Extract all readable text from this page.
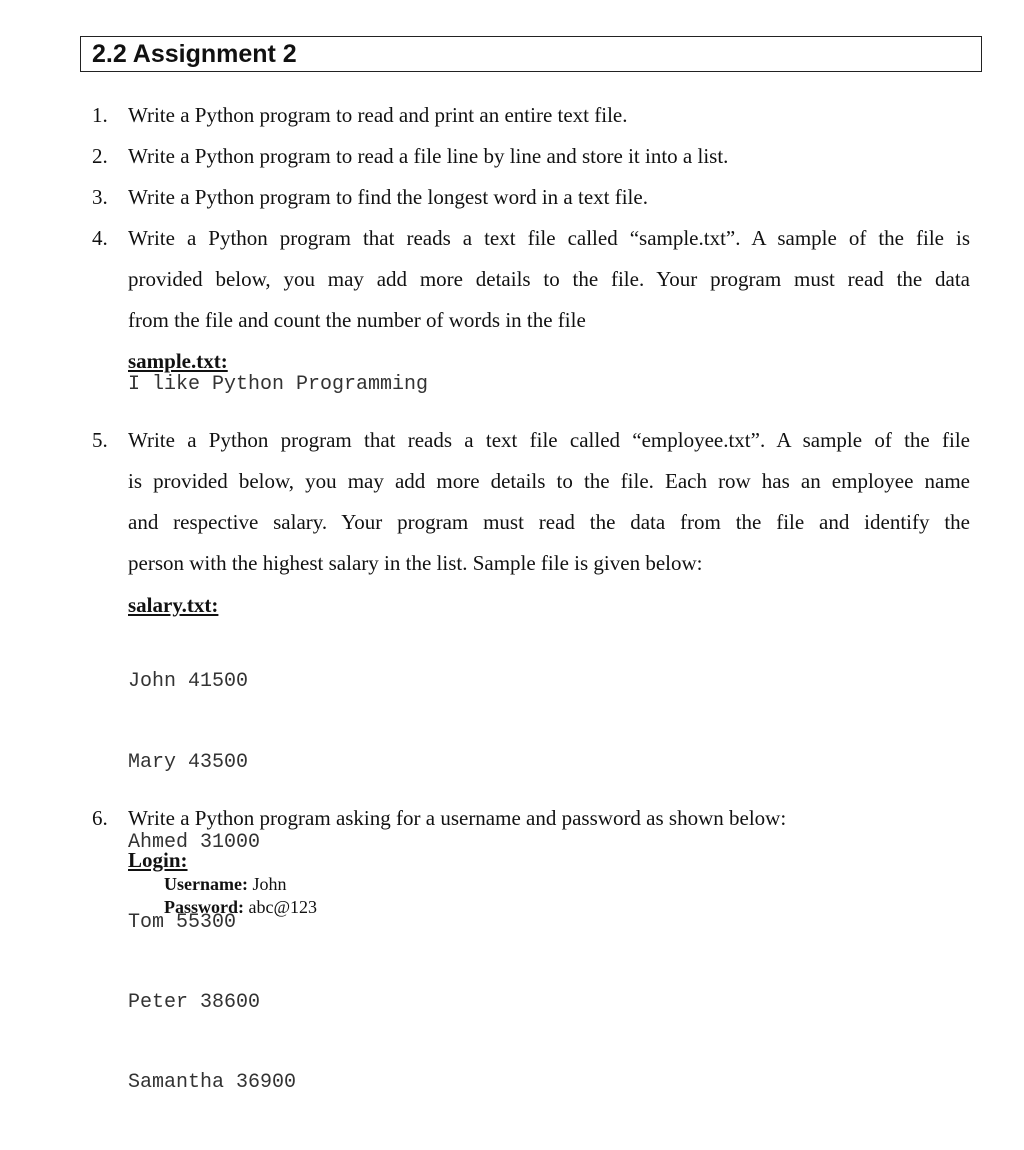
2.2 Assignment 2
1. Write a Python program to read and print an entire text file.
2. Write a Python program to read a file line by line and store it into a list.
3. Write a Python program to find the longest word in a text file.
4. Write a Python program that reads a text file called “sample.txt”. A sample of the file is
provided below, you may add more details to the file. Your program must read the data
from the file and count the number of words in the file
sample.txt:
I like Python Programming
5. Write a Python program that reads a text file called “employee.txt”. A sample of the file
is provided below, you may add more details to the file. Each row has an employee name
and respective salary. Your program must read the data from the file and identify the
person with the highest salary in the list. Sample file is given below:
salary.txt:

John 41500

Mary 43500

Ahmed 31000

Tom 55300

Peter 38600

Samantha 36900

6. Write a Python program asking for a username and password as shown below:
Login:
Username: John
Password: abc@123
